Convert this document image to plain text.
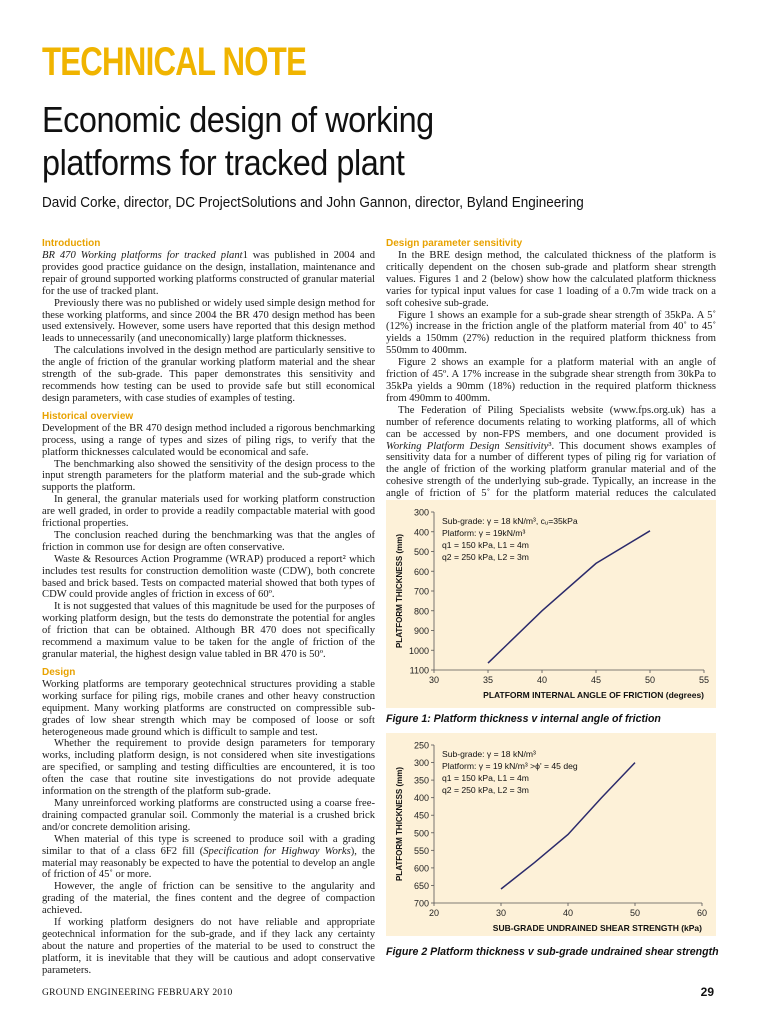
TECHNICAL NOTE
Economic design of working
platforms for tracked plant
David Corke, director, DC ProjectSolutions and John Gannon, director, Byland Engineering
Introduction

BR 470 Working platforms for tracked plant1 was published in 2004 and provides good practice guidance on the design, installation, maintenance and repair of ground supported working platforms constructed of granular material for the use of tracked plant.

Previously there was no published or widely used simple design method for these working platforms, and since 2004 the BR 470 design method has been used extensively. However, some users have reported that this design method leads to unnecessarily (and uneconomically) large platform thicknesses.

The calculations involved in the design method are particularly sensitive to the angle of friction of the granular working platform material and the shear strength of the sub-grade. This paper demonstrates this sensitivity and recommends how testing can be used to provide safe but still economical design parameters, with case studies of examples of testing.

Historical overview

Development of the BR 470 design method included a rigorous benchmarking process, using a range of types and sizes of piling rigs, to verify that the platform thicknesses calculated would be economical and safe.

The benchmarking also showed the sensitivity of the design process to the input strength parameters for the platform material and the sub-grade which supports the platform.

In general, the granular materials used for working platform construction are well graded, in order to provide a readily compactable material with good frictional properties.

The conclusion reached during the benchmarking was that the angles of friction in common use for design are often conservative.

Waste & Resources Action Programme (WRAP) produced a report² which includes test results for construction demolition waste (CDW), both concrete based and brick based. Tests on compacted material showed that both types of CDW could provide angles of friction in excess of 60º.

It is not suggested that values of this magnitude be used for the purposes of working platform design, but the tests do demonstrate the potential for angles of friction that can be obtained. Although BR 470 does not specifically recommend a maximum value to be taken for the angle of friction of the granular material, the highest design value tabled in BR 470 is 50º.

Design

Working platforms are temporary geotechnical structures providing a stable working surface for piling rigs, mobile cranes and other heavy construction equipment. Many working platforms are constructed on compressible sub-grades of low shear strength which may be composed of loose or soft heterogeneous made ground which is difficult to sample and test.

Whether the requirement to provide design parameters for temporary works, including platform design, is not considered when site investigations are specified, or sampling and testing difficulties are encountered, it is too often the case that routine site investigations do not provide adequate information on the strength of the platform sub-grade.

Many unreinforced working platforms are constructed using a coarse free-draining compacted granular soil. Commonly the material is a crushed brick and/or concrete demolition arising.

When material of this type is screened to produce soil with a grading similar to that of a class 6F2 fill (Specification for Highway Works), the material may reasonably be expected to have the potential to develop an angle of friction of 45˚ or more.

However, the angle of friction can be sensitive to the angularity and grading of the material, the fines content and the degree of compaction achieved.

If working platform designers do not have reliable and appropriate geotechnical information for the sub-grade, and if they lack any certainty about the nature and properties of the material to be used to construct the platform, it is inevitable that they will be cautious and adopt conservative parameters.

Design parameter sensitivity

In the BRE design method, the calculated thickness of the platform is critically dependent on the chosen sub-grade and platform shear strength values. Figures 1 and 2 (below) show how the calculated platform thickness varies for typical input values for case 1 loading of a 0.7m wide track on a soft cohesive sub-grade.

Figure 1 shows an example for a sub-grade shear strength of 35kPa. A 5˚ (12%) increase in the friction angle of the platform material from 40˚ to 45˚ yields a 150mm (27%) reduction in the required platform thickness from 550mm to 400mm.

Figure 2 shows an example for a platform material with an angle of friction of 45º. A 17% increase in the subgrade shear strength from 30kPa to 35kPa yields a 90mm (18%) reduction in the required platform thickness from 490mm to 400mm.

The Federation of Piling Specialists website (www.fps.org.uk) has a number of reference documents relating to working platforms, all of which can be accessed by non-FPS members, and one document provided is Working Platform Design Sensitivity³. This document shows examples of sensitivity data for a number of different types of piling rig for variation of the angle of friction of the working platform granular material and of the cohesive strength of the underlying sub-grade. Typically, an increase in the angle of friction of 5˚ for the platform material reduces the calculated

300
400
500
600
700
800
900
1000
1100
30	35	40	45	50	55
PLATFORM INTERNAL ANGLE OF FRICTION (degrees)
PLATFORM THICKNESS (mm)
Sub-grade: γ = 18 kN/m³, cᵤ=35kPa
Platform: γ = 19kN/m³
q1 = 150 kPa, L1 = 4m
q2 = 250 kPa, L2 = 3m
Figure 1: Platform thickness v internal angle of friction
250
300
350
400
450
500
550
600
650
700
20	30	40	50	60
SUB-GRADE UNDRAINED SHEAR STRENGTH (kPa)
PLATFORM THICKNESS (mm)
Sub-grade: γ = 18 kN/m³
Platform: γ = 19 kN/m³ >ϕ' = 45 deg
q1 = 150 kPa, L1 = 4m
q2 = 250 kPa, L2 = 3m
Figure 2 Platform thickness v sub-grade undrained shear strength
GROUND ENGINEERING FEBRUARY 2010	29
